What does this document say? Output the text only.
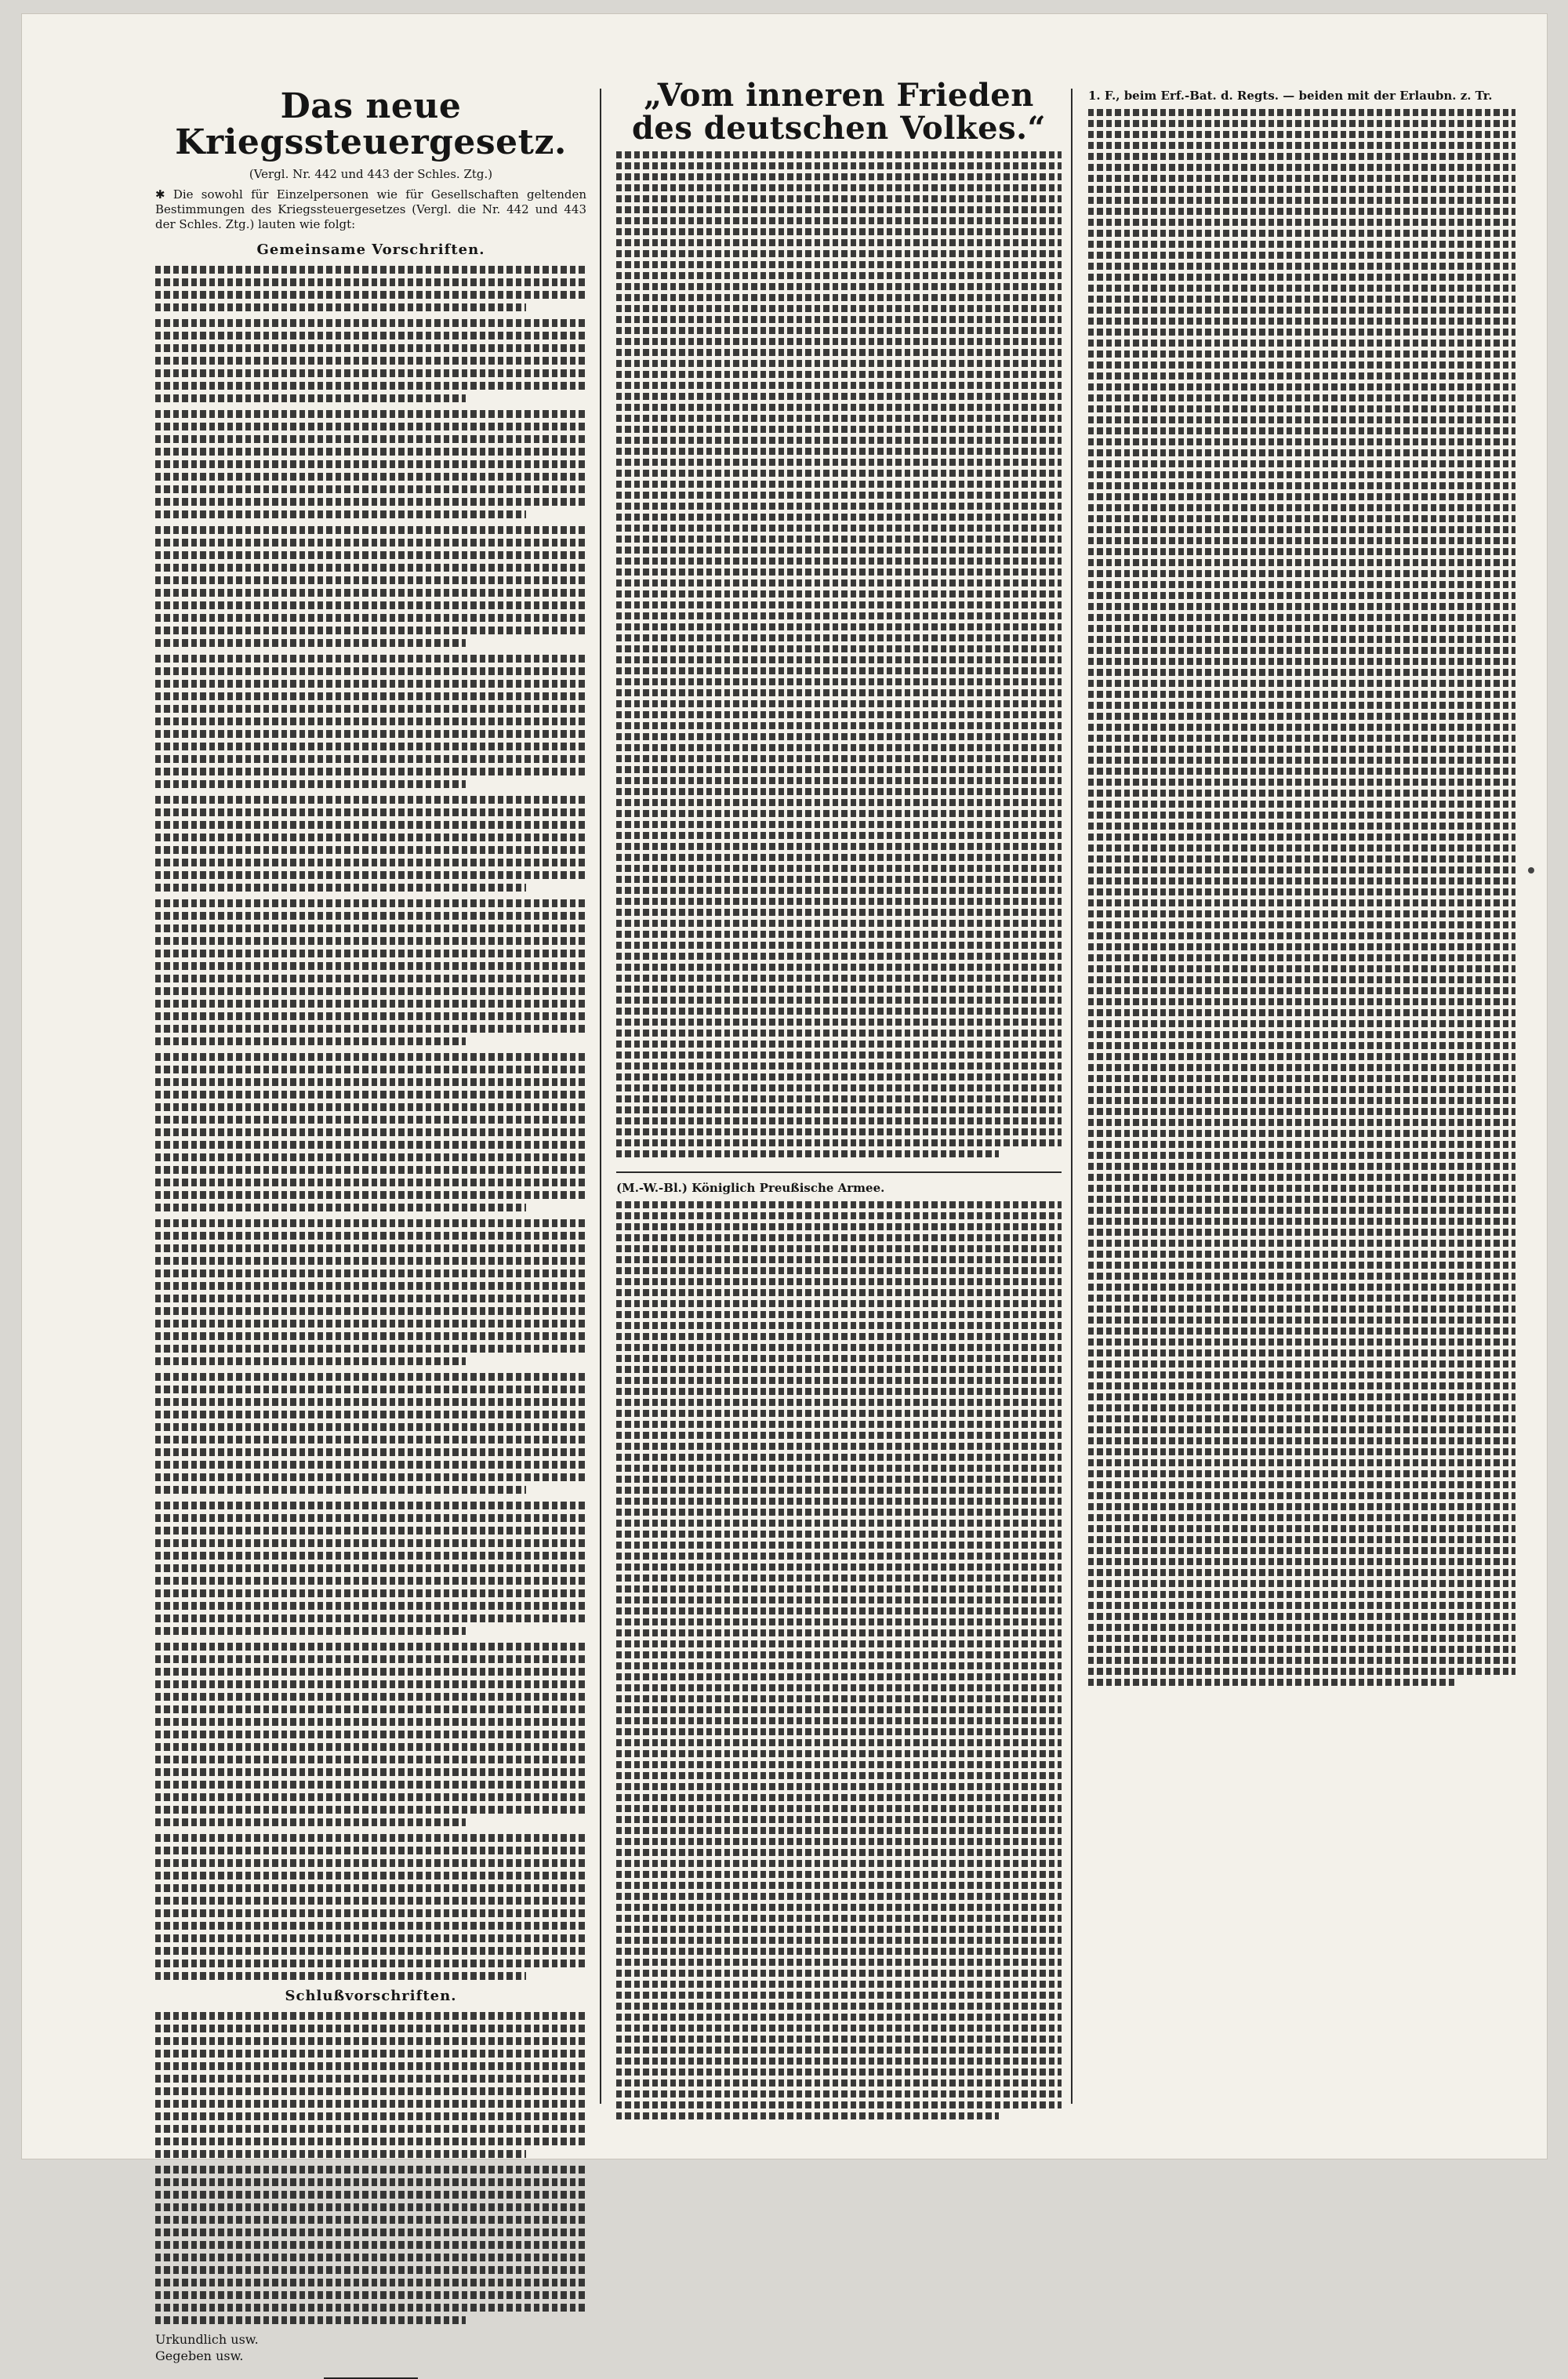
Das neue Kriegssteuergesetz.
(Vergl. Nr. 442 und 443 der Schles. Ztg.)
✱ Die sowohl für Einzelpersonen wie für Gesellschaften geltenden Bestimmungen des Kriegssteuergesetzes (Vergl. die Nr. 442 und 443 der Schles. Ztg.) lauten wie folgt:
Gemeinsame Vorschriften.
Schlußvorschriften.
Urkundlich usw.
Gegeben usw.
„Vom inneren Frieden des deutschen Volkes.“
(M.-W.-Bl.) Königlich Preußische Armee.
1. F., beim Erf.-Bat. d. Regts. — beiden mit der Erlaubn. z. Tr.
